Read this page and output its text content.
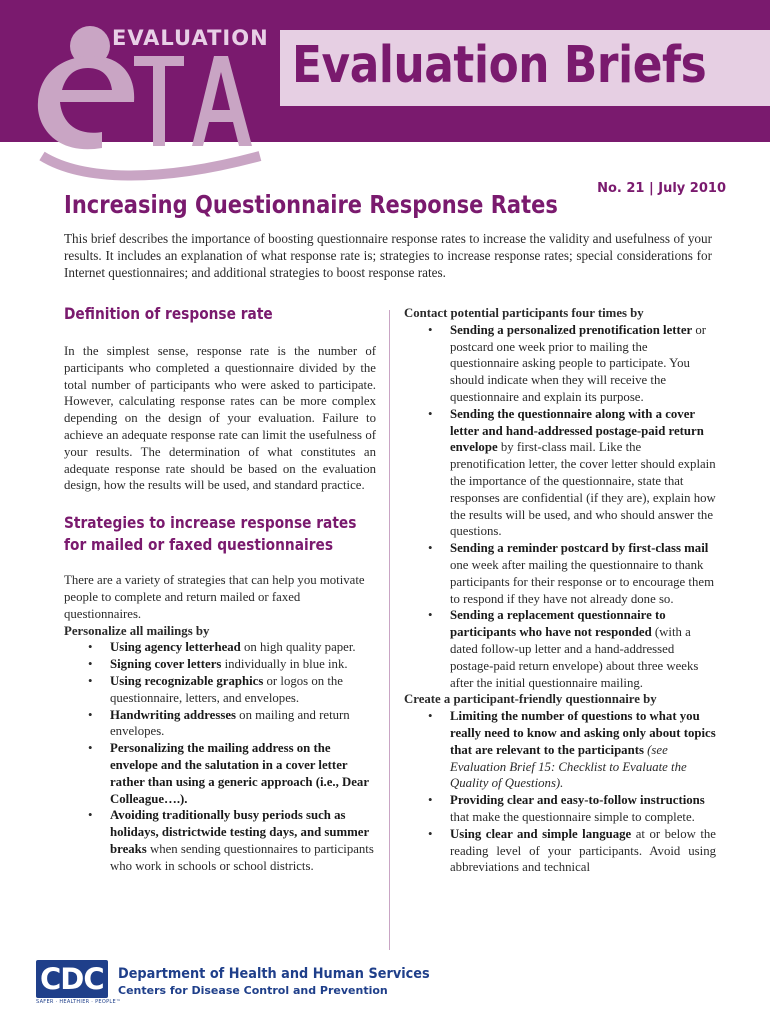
EVALUATION Evaluation Briefs
No. 21 | July 2010
Increasing Questionnaire Response Rates

This brief describes the importance of boosting questionnaire response rates to increase the validity and usefulness of your results. It includes an explanation of what response rate is; strategies to increase response rates; special considerations for Internet questionnaires; and additional strategies to boost response rates.

Definition of response rate

In the simplest sense, response rate is the number of participants who completed a questionnaire divided by the total number of participants who were asked to participate. However, calculating response rates can be more complex depending on the design of your evaluation. Failure to achieve an adequate response rate can limit the usefulness of your results. The determination of what constitutes an adequate response rate should be based on the evaluation design, how the results will be used, and standard practice.

Strategies to increase response rates for mailed or faxed questionnaires

There are a variety of strategies that can help you motivate people to complete and return mailed or faxed questionnaires.

Personalize all mailings by

• Using agency letterhead on high quality paper.
• Signing cover letters individually in blue ink.
• Using recognizable graphics or logos on the questionnaire, letters, and envelopes.
• Handwriting addresses on mailing and return envelopes.
• Personalizing the mailing address on the envelope and the salutation in a cover letter rather than using a generic approach (i.e., Dear Colleague….).
• Avoiding traditionally busy periods such as holidays, districtwide testing days, and summer breaks when sending questionnaires to participants who work in schools or school districts.

Contact potential participants four times by

• Sending a personalized prenotification letter or postcard one week prior to mailing the questionnaire asking people to participate. You should indicate when they will receive the questionnaire and explain its purpose.
• Sending the questionnaire along with a cover letter and hand-addressed postage-paid return envelope by first-class mail. Like the prenotification letter, the cover letter should explain the importance of the questionnaire, state that responses are confidential (if they are), explain how the results will be used, and who should answer the questions.
• Sending a reminder postcard by first-class mail one week after mailing the questionnaire to thank participants for their response or to encourage them to respond if they have not already done so.
• Sending a replacement questionnaire to participants who have not responded (with a dated follow-up letter and a hand-addressed postage-paid return envelope) about three weeks after the initial questionnaire mailing.

Create a participant-friendly questionnaire by

• Limiting the number of questions to what you really need to know and asking only about topics that are relevant to the participants (see Evaluation Brief 15: Checklist to Evaluate the Quality of Questions).
• Providing clear and easy-to-follow instructions that make the questionnaire simple to complete.
• Using clear and simple language at or below the reading level of your participants. Avoid using abbreviations and technical
CDC
SAFER · HEALTHIER · PEOPLE™
Department of Health and Human Services
Centers for Disease Control and Prevention
